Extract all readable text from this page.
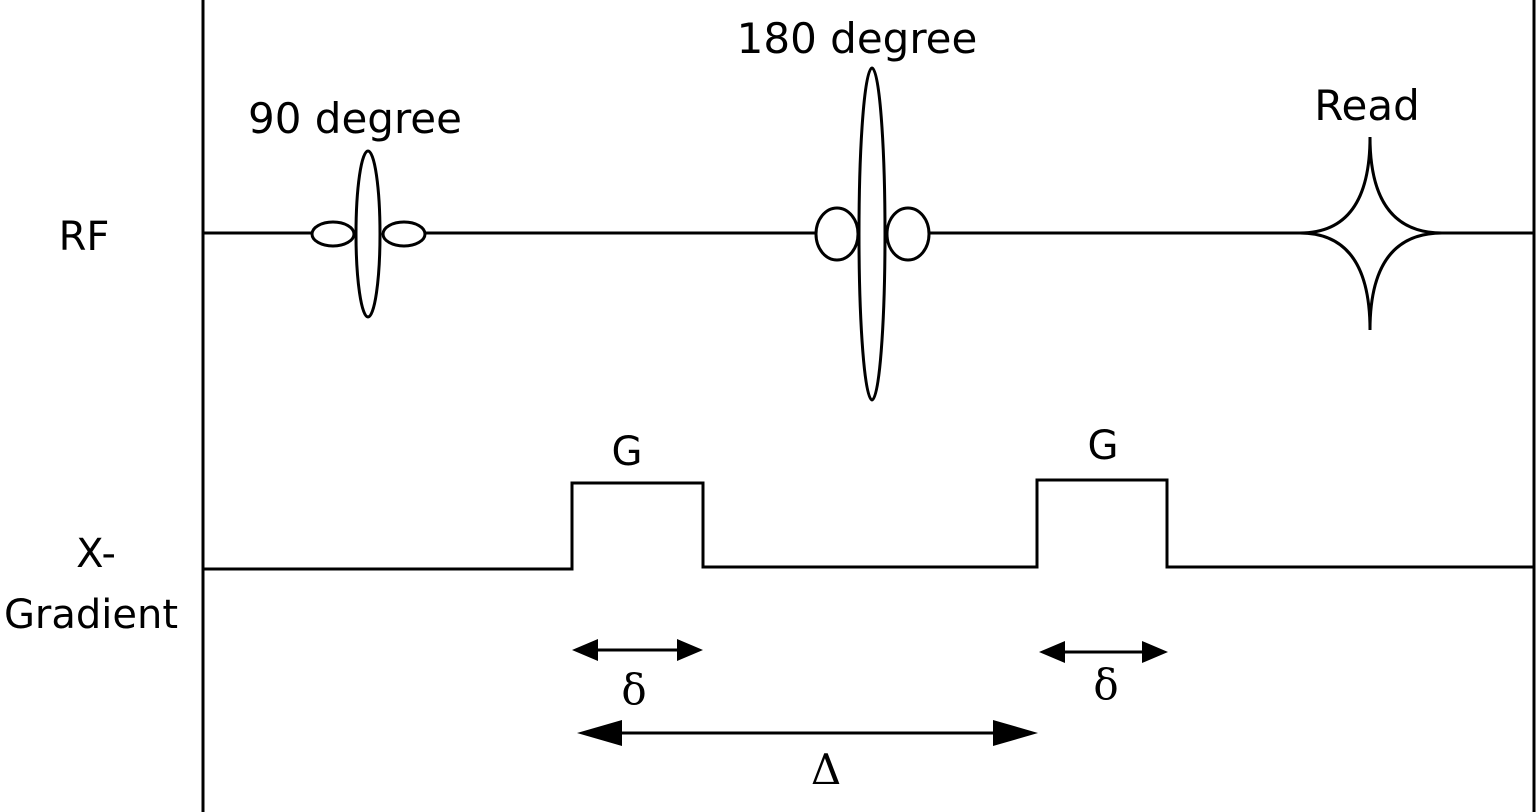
RF
X-
Gradient
90 degree
180 degree
Read
G	G
δ	δ
Δ
